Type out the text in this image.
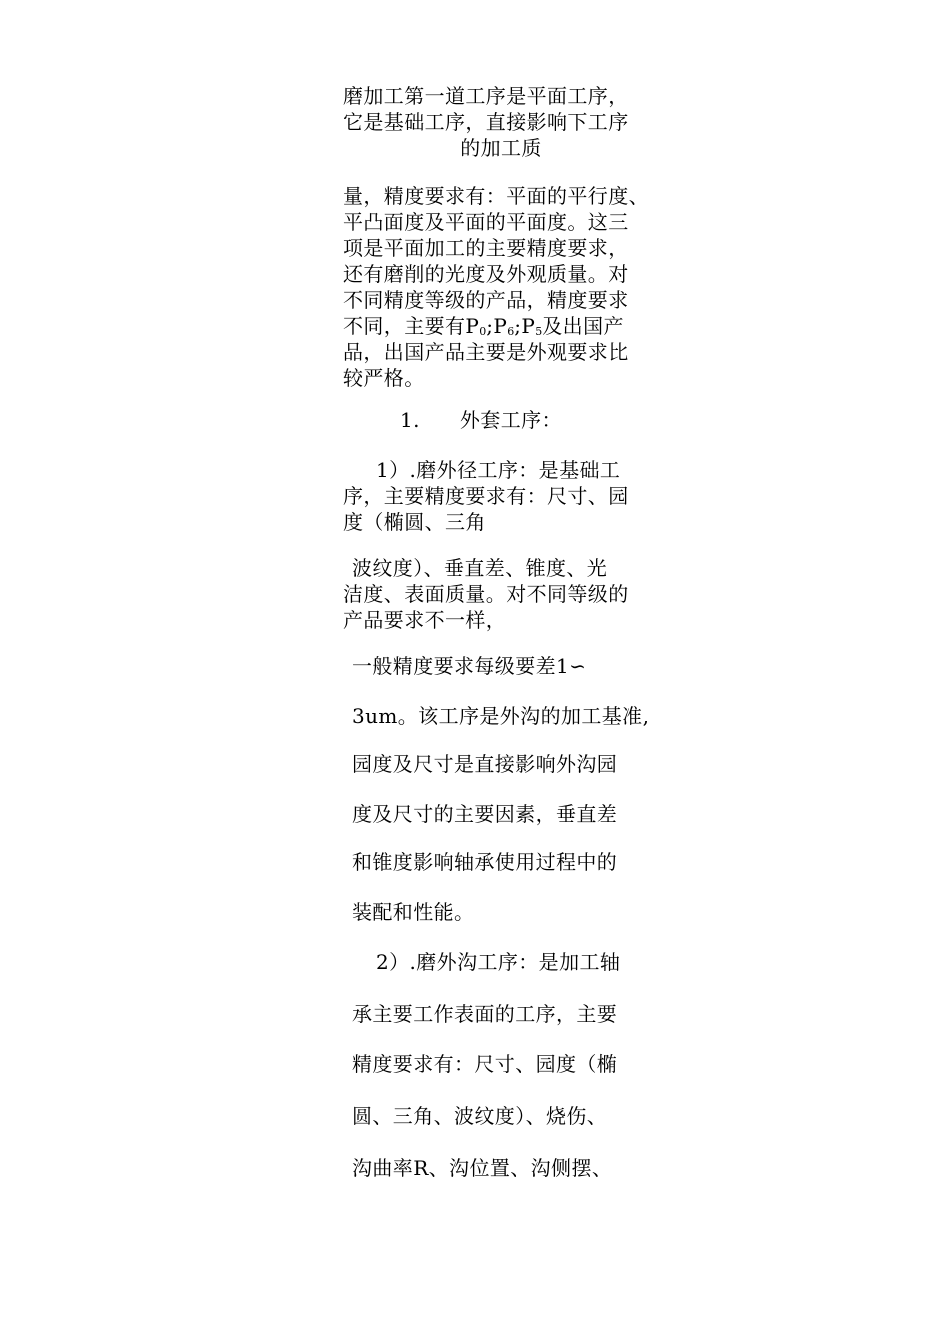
磨加工第一道工序是平面工序，
它是基础工序，直接影响下工序
的加工质
量，精度要求有：平面的平行度、
平凸面度及平面的平面度。这三
项是平面加工的主要精度要求，
还有磨削的光度及外观质量。对
不同精度等级的产品，精度要求
不同，主要有P0;P6;P5及出国产
品，出国产品主要是外观要求比
较严格。
1. 外套工序：
1）.磨外径工序：是基础工
序，主要精度要求有：尺寸、园
度（椭圆、三角
波纹度）、垂直差、锥度、光
洁度、表面质量。对不同等级的
产品要求不一样，
一般精度要求每级要差1∽
3um。该工序是外沟的加工基准,
园度及尺寸是直接影响外沟园
度及尺寸的主要因素，垂直差
和锥度影响轴承使用过程中的
装配和性能。
2）.磨外沟工序：是加工轴
承主要工作表面的工序，主要
精度要求有：尺寸、园度（椭
圆、三角、波纹度）、烧伤、
沟曲率R、沟位置、沟侧摆、
